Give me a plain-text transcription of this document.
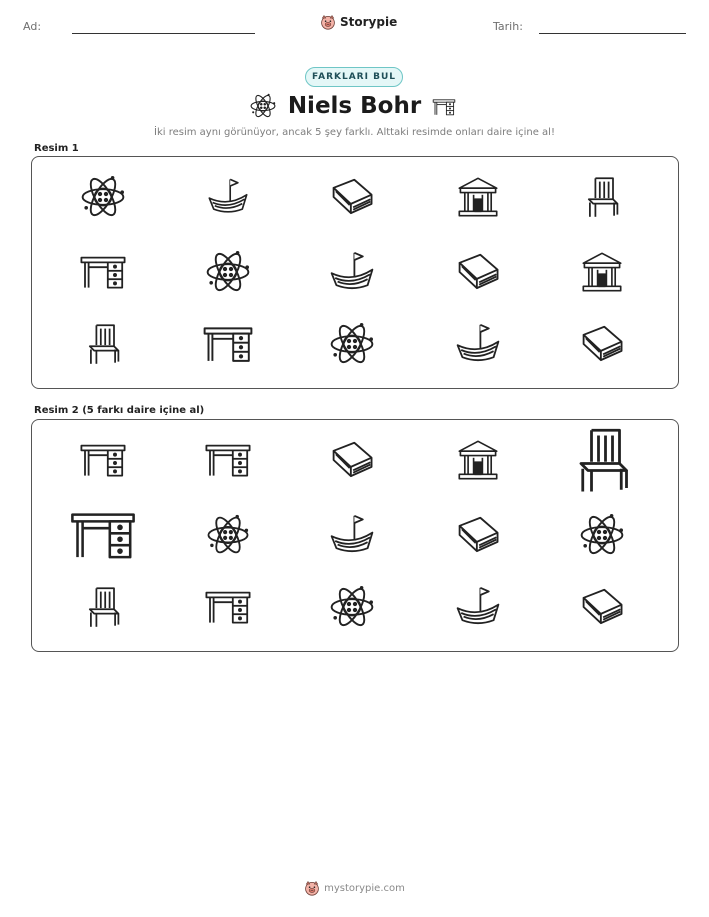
Ad:	Storypie	Tarih:
FARKLARI BUL
Niels Bohr
İki resim aynı görünüyor, ancak 5 şey farklı. Alttaki resimde onları daire içine al!
Resim 1
Resim 2 (5 farkı daire içine al)
mystorypie.com
